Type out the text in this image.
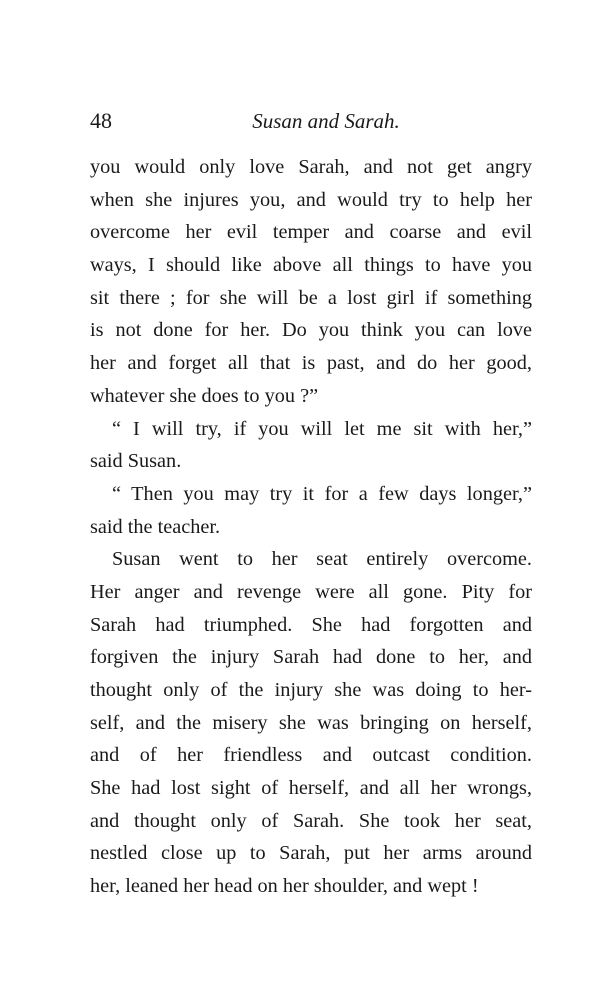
48	Susan and Sarah.
you would only love Sarah, and not get angry
when she injures you, and would try to help her
overcome her evil temper and coarse and evil
ways, I should like above all things to have you
sit there ; for she will be a lost girl if something
is not done for her. Do you think you can love
her and forget all that is past, and do her good,
whatever she does to you ?”
“ I will try, if you will let me sit with her,”
said Susan.
“ Then you may try it for a few days longer,”
said the teacher.
Susan went to her seat entirely overcome.
Her anger and revenge were all gone. Pity for
Sarah had triumphed. She had forgotten and
forgiven the injury Sarah had done to her, and
thought only of the injury she was doing to her-
self, and the misery she was bringing on herself,
and of her friendless and outcast condition.
She had lost sight of herself, and all her wrongs,
and thought only of Sarah. She took her seat,
nestled close up to Sarah, put her arms around
her, leaned her head on her shoulder, and wept !
